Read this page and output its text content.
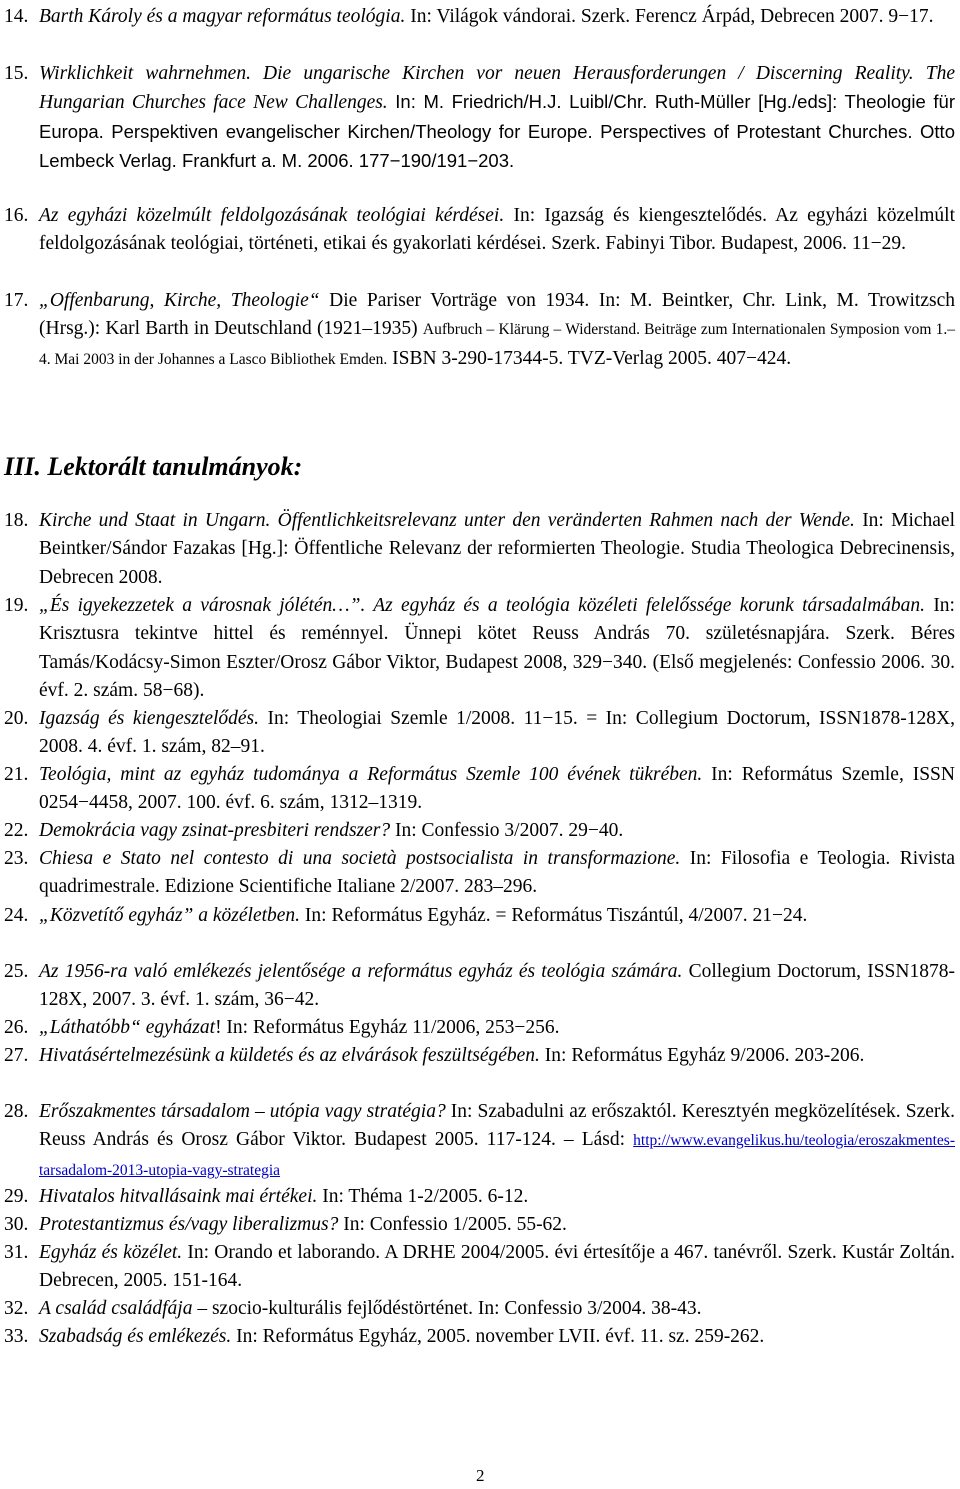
14. Barth Károly és a magyar református teológia. In: Világok vándorai. Szerk. Ferencz Árpád, Debrecen 2007. 9−17.
15. Wirklichkeit wahrnehmen. Die ungarische Kirchen vor neuen Herausforderungen / Discerning Reality. The Hungarian Churches face New Challenges. In: M. Friedrich/H.J. Luibl/Chr. Ruth-Müller [Hg./eds]: Theologie für Europa. Perspektiven evangelischer Kirchen/Theology for Europe. Perspectives of Protestant Churches. Otto Lembeck Verlag. Frankfurt a. M. 2006. 177−190/191−203.
16. Az egyházi közelmúlt feldolgozásának teológiai kérdései. In: Igazság és kiengesztelődés. Az egyházi közelmúlt feldolgozásának teológiai, történeti, etikai és gyakorlati kérdései. Szerk. Fabinyi Tibor. Budapest, 2006. 11−29.
17. „Offenbarung, Kirche, Theologie“ Die Pariser Vorträge von 1934. In: M. Beintker, Chr. Link, M. Trowitzsch (Hrsg.): Karl Barth in Deutschland (1921–1935) Aufbruch – Klärung – Widerstand. Beiträge zum Internationalen Symposion vom 1.–4. Mai 2003 in der Johannes a Lasco Bibliothek Emden. ISBN 3-290-17344-5. TVZ-Verlag 2005. 407−424.
III. Lektorált tanulmányok:
18. Kirche und Staat in Ungarn. Öffentlichkeitsrelevanz unter den veränderten Rahmen nach der Wende. In: Michael Beintker/Sándor Fazakas [Hg.]: Öffentliche Relevanz der reformierten Theologie. Studia Theologica Debrecinensis, Debrecen 2008.
19. „És igyekezzetek a városnak jólétén…”. Az egyház és a teológia közéleti felelőssége korunk társadalmában. In: Krisztusra tekintve hittel és reménnyel. Ünnepi kötet Reuss András 70. születésnapjára. Szerk. Béres Tamás/Kodácsy-Simon Eszter/Orosz Gábor Viktor, Budapest 2008, 329−340. (Első megjelenés: Confessio 2006. 30. évf. 2. szám. 58−68).
20. Igazság és kiengesztelődés. In: Theologiai Szemle 1/2008. 11−15. = In: Collegium Doctorum, ISSN1878-128X, 2008. 4. évf. 1. szám, 82–91.
21. Teológia, mint az egyház tudománya a Református Szemle 100 évének tükrében. In: Református Szemle, ISSN 0254−4458, 2007. 100. évf. 6. szám, 1312–1319.
22. Demokrácia vagy zsinat-presbiteri rendszer? In: Confessio 3/2007. 29−40.
23. Chiesa e Stato nel contesto di una società postsocialista in transformazione. In: Filosofia e Teologia. Rivista quadrimestrale. Edizione Scientifiche Italiane 2/2007. 283–296.
24. „Közvetítő egyház” a közéletben. In: Református Egyház. = Református Tiszántúl, 4/2007. 21−24.
25. Az 1956-ra való emlékezés jelentősége a református egyház és teológia számára. Collegium Doctorum, ISSN1878-128X, 2007. 3. évf. 1. szám, 36−42.
26. „Láthatóbb“ egyházat! In: Református Egyház 11/2006, 253−256.
27. Hivatásértelmezésünk a küldetés és az elvárások feszültségében. In: Református Egyház 9/2006. 203-206.
28. Erőszakmentes társadalom – utópia vagy stratégia? In: Szabadulni az erőszaktól. Keresztyén megközelítések. Szerk. Reuss András és Orosz Gábor Viktor. Budapest 2005. 117-124. – Lásd: http://www.evangelikus.hu/teologia/eroszakmentes-tarsadalom-2013-utopia-vagy-strategia
29. Hivatalos hitvallásaink mai értékei. In: Théma 1-2/2005. 6-12.
30. Protestantizmus és/vagy liberalizmus? In: Confessio 1/2005. 55-62.
31. Egyház és közélet. In: Orando et laborando. A DRHE 2004/2005. évi értesítője a 467. tanévről. Szerk. Kustár Zoltán. Debrecen, 2005. 151-164.
32. A család családfája – szocio-kulturális fejlődéstörténet. In: Confessio 3/2004. 38-43.
33. Szabadság és emlékezés. In: Református Egyház, 2005. november LVII. évf. 11. sz. 259-262.
2
